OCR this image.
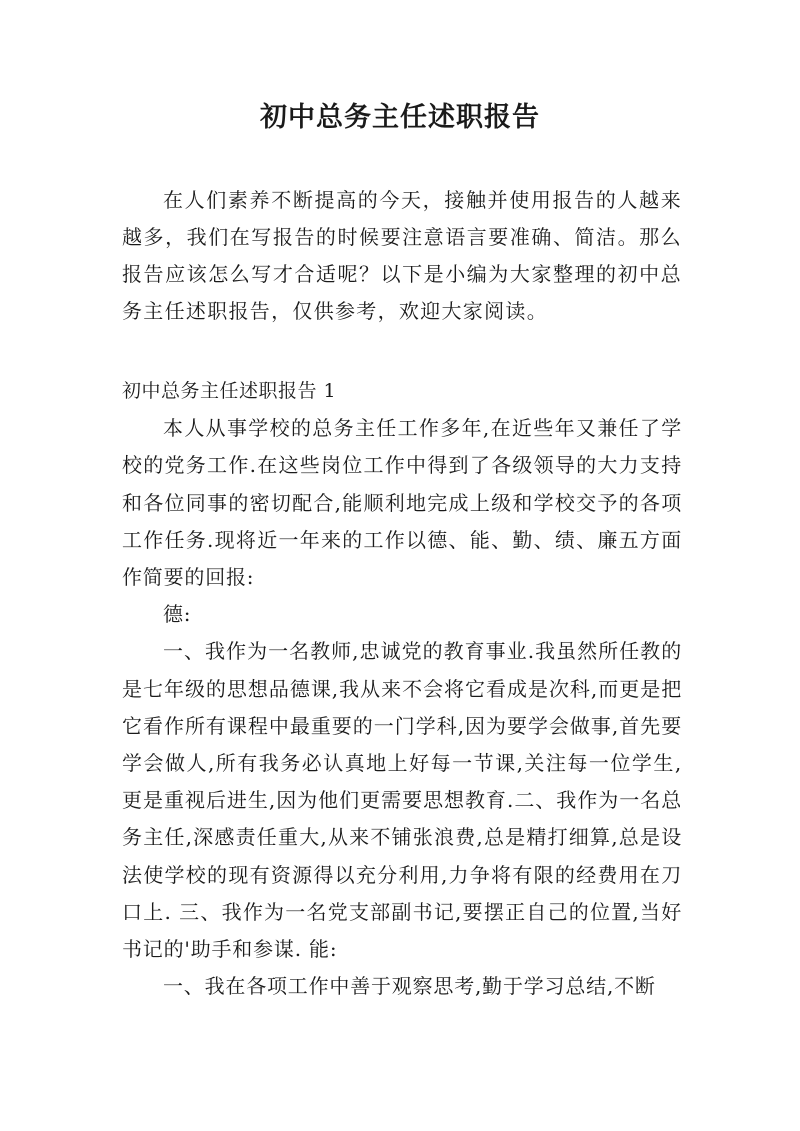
初中总务主任述职报告

在人们素养不断提高的今天，接触并使用报告的人越来越多，我们在写报告的时候要注意语言要准确、简洁。那么报告应该怎么写才合适呢？以下是小编为大家整理的初中总务主任述职报告，仅供参考，欢迎大家阅读。

初中总务主任述职报告 1

本人从事学校的总务主任工作多年,在近些年又兼任了学校的党务工作.在这些岗位工作中得到了各级领导的大力支持和各位同事的密切配合,能顺利地完成上级和学校交予的各项工作任务.现将近一年来的工作以德、能、勤、绩、廉五方面作简要的回报:

德:

一、我作为一名教师,忠诚党的教育事业.我虽然所任教的是七年级的思想品德课,我从来不会将它看成是次科,而更是把它看作所有课程中最重要的一门学科,因为要学会做事,首先要学会做人,所有我务必认真地上好每一节课,关注每一位学生,更是重视后进生,因为他们更需要思想教育.二、我作为一名总务主任,深感责任重大,从来不铺张浪费,总是精打细算,总是设法使学校的现有资源得以充分利用,力争将有限的经费用在刀口上. 三、我作为一名党支部副书记,要摆正自己的位置,当好书记的'助手和参谋. 能:

一、我在各项工作中善于观察思考,勤于学习总结,不断
